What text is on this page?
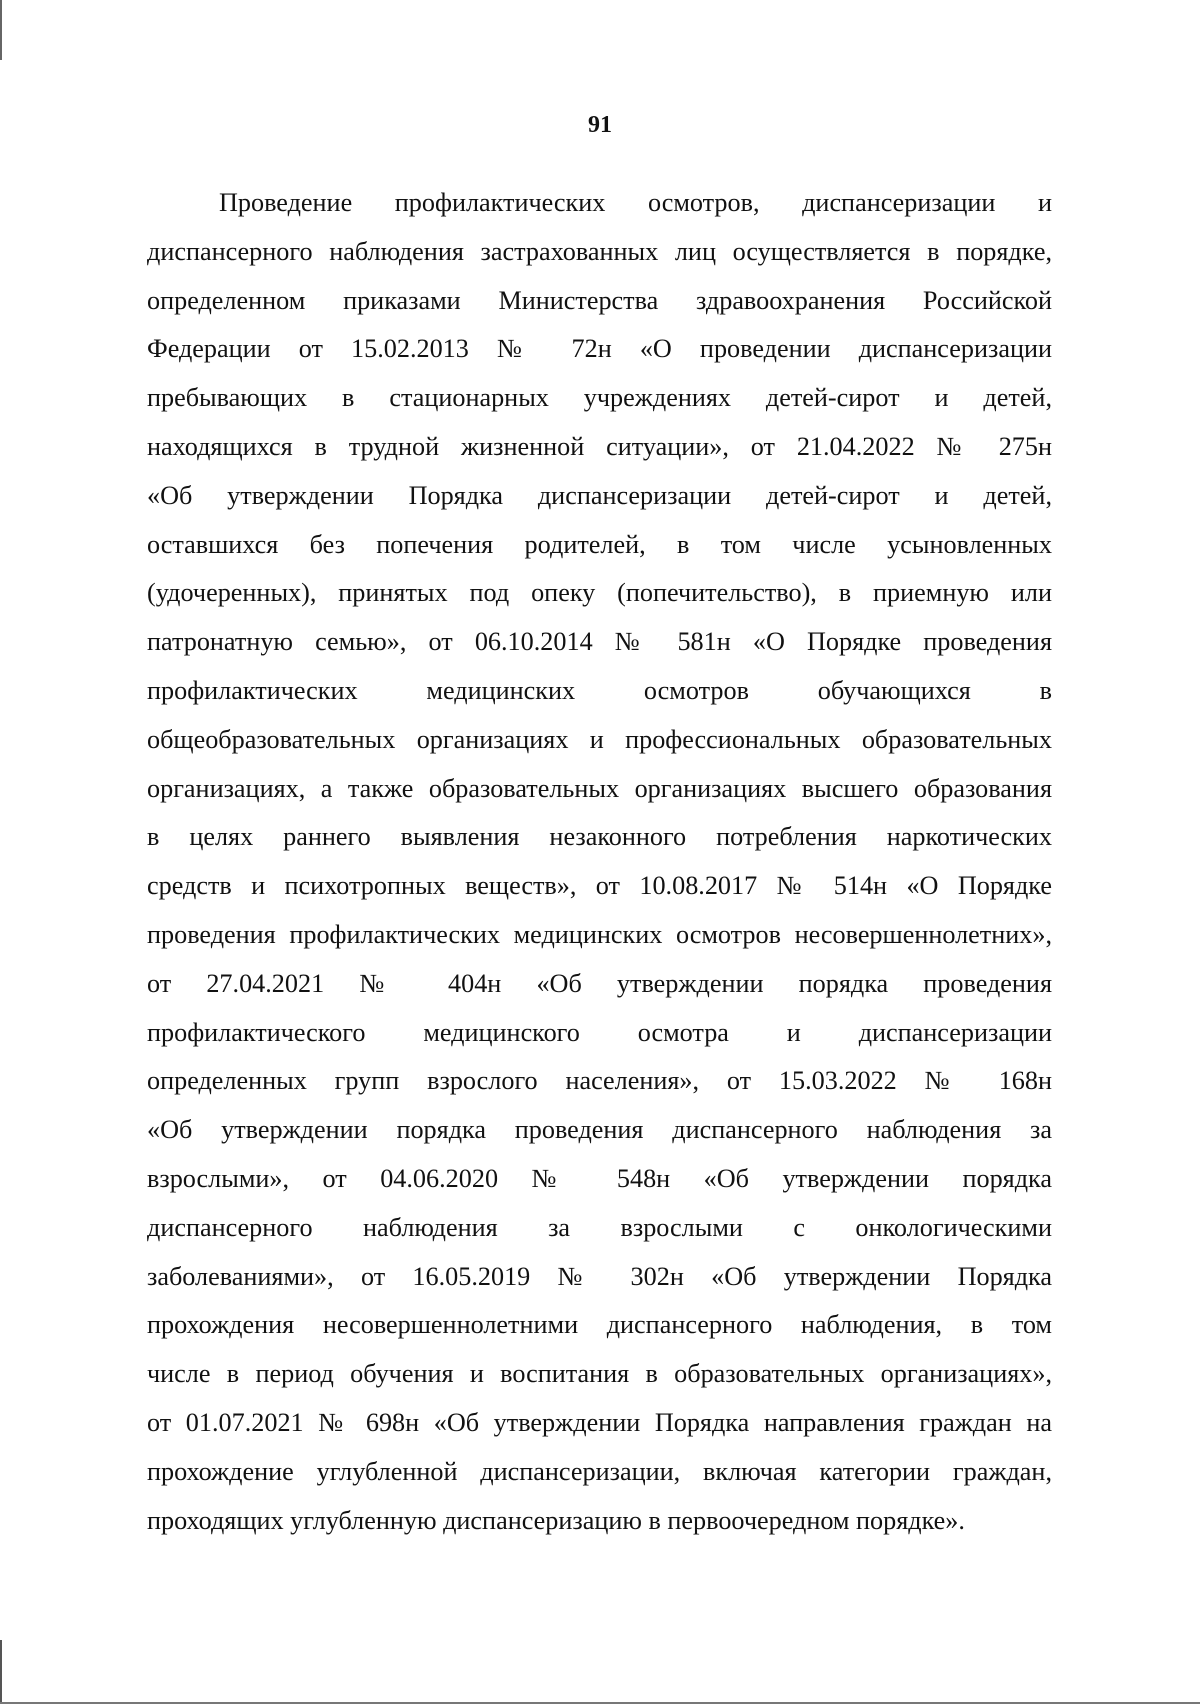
91

Проведение профилактических осмотров, диспансеризации и
диспансерного наблюдения застрахованных лиц осуществляется в порядке,
определенном приказами Министерства здравоохранения Российской
Федерации от 15.02.2013 № 72н «О проведении диспансеризации
пребывающих в стационарных учреждениях детей-сирот и детей,
находящихся в трудной жизненной ситуации», от 21.04.2022 № 275н
«Об утверждении Порядка диспансеризации детей-сирот и детей,
оставшихся без попечения родителей, в том числе усыновленных
(удочеренных), принятых под опеку (попечительство), в приемную или
патронатную семью», от 06.10.2014 № 581н «О Порядке проведения
профилактических медицинских осмотров обучающихся в
общеобразовательных организациях и профессиональных образовательных
организациях, а также образовательных организациях высшего образования
в целях раннего выявления незаконного потребления наркотических
средств и психотропных веществ», от 10.08.2017 № 514н «О Порядке
проведения профилактических медицинских осмотров несовершеннолетних»,
от 27.04.2021 № 404н «Об утверждении порядка проведения
профилактического медицинского осмотра и диспансеризации
определенных групп взрослого населения», от 15.03.2022 № 168н
«Об утверждении порядка проведения диспансерного наблюдения за
взрослыми», от 04.06.2020 № 548н «Об утверждении порядка
диспансерного наблюдения за взрослыми с онкологическими
заболеваниями», от 16.05.2019 № 302н «Об утверждении Порядка
прохождения несовершеннолетними диспансерного наблюдения, в том
числе в период обучения и воспитания в образовательных организациях»,
от 01.07.2021 № 698н «Об утверждении Порядка направления граждан на
прохождение углубленной диспансеризации, включая категории граждан,
проходящих углубленную диспансеризацию в первоочередном порядке».
